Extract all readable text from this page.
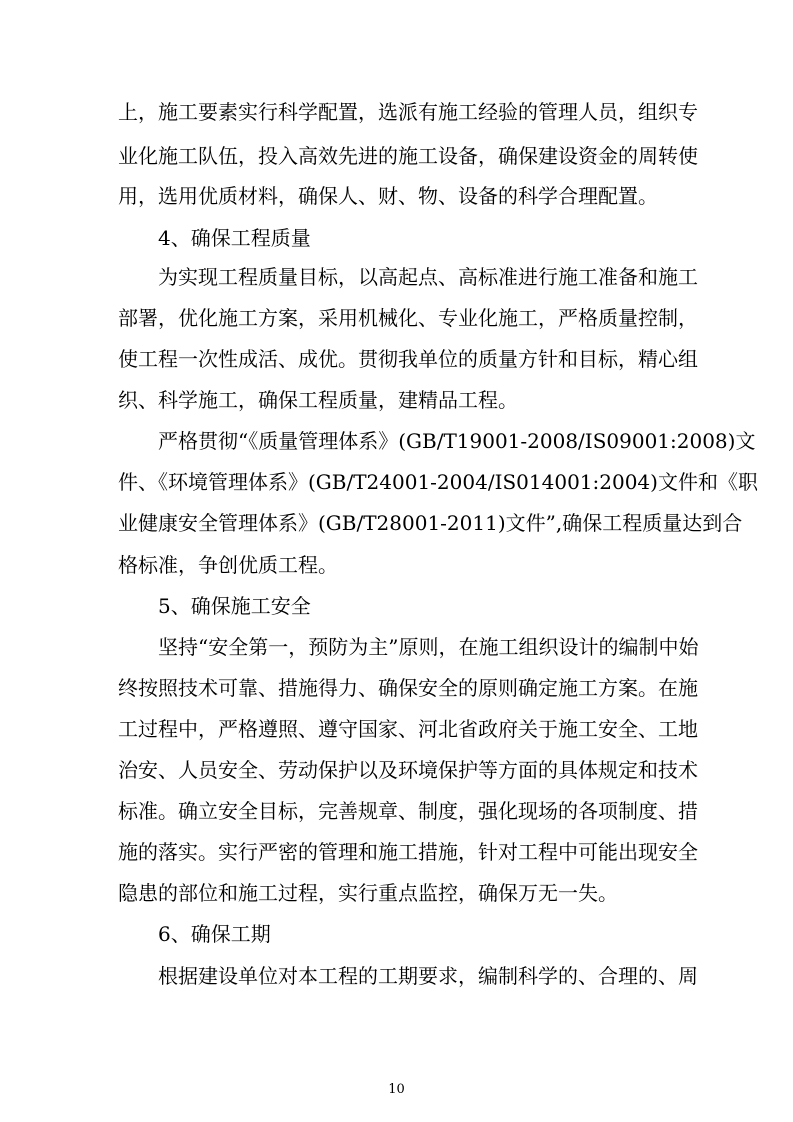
上，施工要素实行科学配置，选派有施工经验的管理人员，组织专
业化施工队伍，投入高效先进的施工设备，确保建设资金的周转使
用，选用优质材料，确保人、财、物、设备的科学合理配置。
4、确保工程质量
为实现工程质量目标，以高起点、高标准进行施工准备和施工
部署，优化施工方案，采用机械化、专业化施工，严格质量控制，
使工程一次性成活、成优。贯彻我单位的质量方针和目标，精心组
织、科学施工，确保工程质量，建精品工程。
严格贯彻“《质量管理体系》(GB/T19001-2008/IS09001:2008)文
件、《环境管理体系》(GB/T24001-2004/IS014001:2004)文件和《职
业健康安全管理体系》(GB/T28001-2011)文件”,确保工程质量达到合
格标准，争创优质工程。
5、确保施工安全
坚持“安全第一，预防为主”原则，在施工组织设计的编制中始
终按照技术可靠、措施得力、确保安全的原则确定施工方案。在施
工过程中，严格遵照、遵守国家、河北省政府关于施工安全、工地
治安、人员安全、劳动保护以及环境保护等方面的具体规定和技术
标准。确立安全目标，完善规章、制度，强化现场的各项制度、措
施的落实。实行严密的管理和施工措施，针对工程中可能出现安全
隐患的部位和施工过程，实行重点监控，确保万无一失。
6、确保工期
根据建设单位对本工程的工期要求，编制科学的、合理的、周
10
